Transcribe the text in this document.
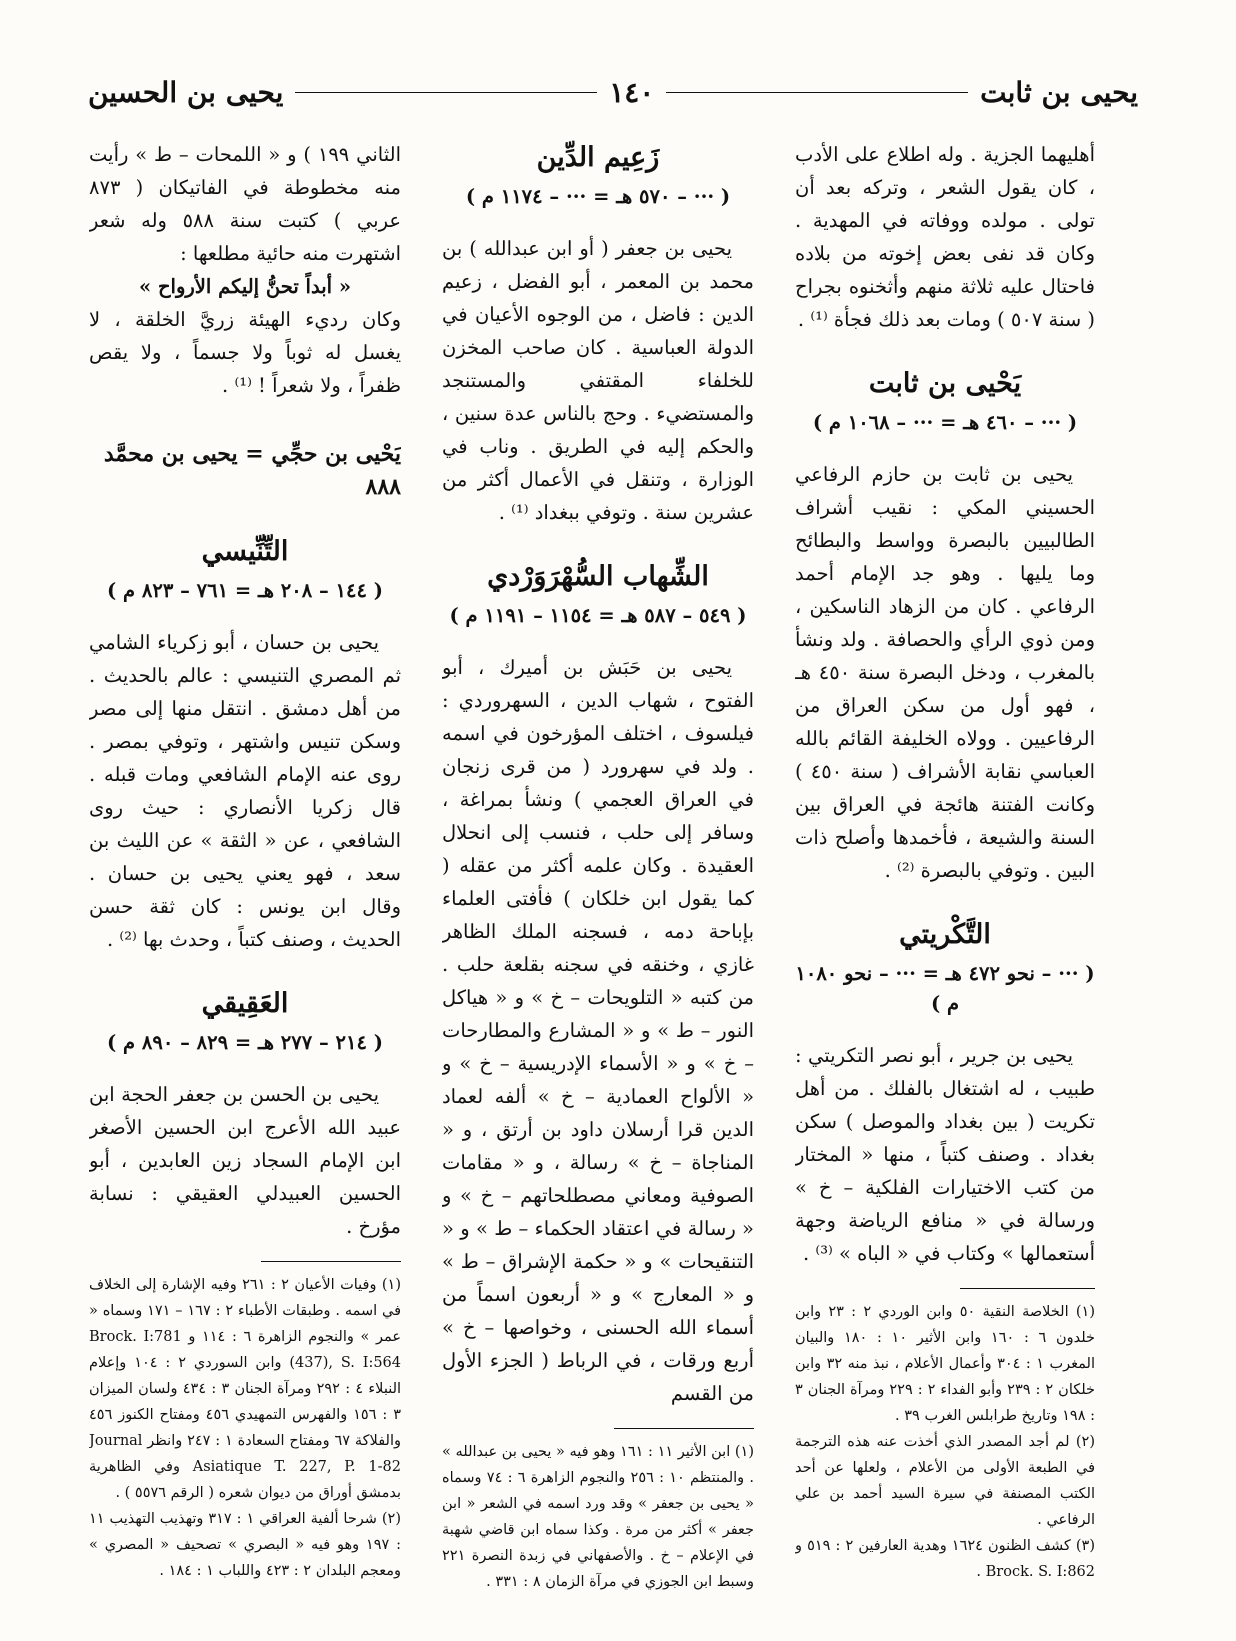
يحيى بن ثابت
١٤٠
يحيى بن الحسين

أهليهما الجزية . وله اطلاع على الأدب ، كان يقول الشعر ، وتركه بعد أن تولى . مولده ووفاته في المهدية . وكان قد نفى بعض إخوته من بلاده فاحتال عليه ثلاثة منهم وأثخنوه بجراح ( سنة ٥٠٧ ) ومات بعد ذلك فجأة ⁽¹⁾ .

يَحْيى بن ثابت
( ··· – ٤٦٠ هـ = ··· – ١٠٦٨ م )

يحيى بن ثابت بن حازم الرفاعي الحسيني المكي : نقيب أشراف الطالبيين بالبصرة وواسط والبطائح وما يليها . وهو جد الإمام أحمد الرفاعي . كان من الزهاد الناسكين ، ومن ذوي الرأي والحصافة . ولد ونشأ بالمغرب ، ودخل البصرة سنة ٤٥٠ هـ ، فهو أول من سكن العراق من الرفاعيين . وولاه الخليفة القائم بالله العباسي نقابة الأشراف ( سنة ٤٥٠ ) وكانت الفتنة هائجة في العراق بين السنة والشيعة ، فأخمدها وأصلح ذات البين . وتوفي بالبصرة ⁽²⁾ .

التَّكْريتي
( ··· – نحو ٤٧٢ هـ = ··· – نحو ١٠٨٠ م )

يحيى بن جرير ، أبو نصر التكريتي : طبيب ، له اشتغال بالفلك . من أهل تكريت ( بين بغداد والموصل ) سكن بغداد . وصنف كتباً ، منها « المختار من كتب الاختيارات الفلكية – خ » ورسالة في « منافع الرياضة وجهة أستعمالها » وكتاب في « الباه » ⁽³⁾ .

(١) الخلاصة النقية ٥٠ وابن الوردي ٢ : ٢٣ وابن خلدون ٦ : ١٦٠ وابن الأثير ١٠ : ١٨٠ والبيان المغرب ١ : ٣٠٤ وأعمال الأعلام ، نبذ منه ٣٢ وابن خلكان ٢ : ٢٣٩ وأبو الفداء ٢ : ٢٢٩ ومرآة الجنان ٣ : ١٩٨ وتاريخ طرابلس الغرب ٣٩ .

(٢) لم أجد المصدر الذي أخذت عنه هذه الترجمة في الطبعة الأولى من الأعلام ، ولعلها عن أحد الكتب المصنفة في سيرة السيد أحمد بن علي الرفاعي .

(٣) كشف الظنون ١٦٢٤ وهدية العارفين ٢ : ٥١٩ و Brock. S. I:862 .

زَعِيم الدِّين
( ··· – ٥٧٠ هـ = ··· – ١١٧٤ م )

يحيى بن جعفر ( أو ابن عبدالله ) بن محمد بن المعمر ، أبو الفضل ، زعيم الدين : فاضل ، من الوجوه الأعيان في الدولة العباسية . كان صاحب المخزن للخلفاء المقتفي والمستنجد والمستضيء . وحج بالناس عدة سنين ، والحكم إليه في الطريق . وناب في الوزارة ، وتنقل في الأعمال أكثر من عشرين سنة . وتوفي ببغداد ⁽¹⁾ .

الشِّهاب السُّهْرَوَرْدي
( ٥٤٩ – ٥٨٧ هـ = ١١٥٤ – ١١٩١ م )

يحيى بن حَبَش بن أميرك ، أبو الفتوح ، شهاب الدين ، السهروردي : فيلسوف ، اختلف المؤرخون في اسمه . ولد في سهرورد ( من قرى زنجان في العراق العجمي ) ونشأ بمراغة ، وسافر إلى حلب ، فنسب إلى انحلال العقيدة . وكان علمه أكثر من عقله ( كما يقول ابن خلكان ) فأفتى العلماء بإباحة دمه ، فسجنه الملك الظاهر غازي ، وخنقه في سجنه بقلعة حلب . من كتبه « التلويحات – خ » و « هياكل النور – ط » و « المشارع والمطارحات – خ » و « الأسماء الإدريسية – خ » و « الألواح العمادية – خ » ألفه لعماد الدين قرا أرسلان داود بن أرتق ، و « المناجاة – خ » رسالة ، و « مقامات الصوفية ومعاني مصطلحاتهم – خ » و « رسالة في اعتقاد الحكماء – ط » و « التنقيحات » و « حكمة الإشراق – ط » و « المعارج » و « أربعون اسماً من أسماء الله الحسنى ، وخواصها – خ » أربع ورقات ، في الرباط ( الجزء الأول من القسم

(١) ابن الأثير ١١ : ١٦١ وهو فيه « يحيى بن عبدالله » . والمنتظم ١٠ : ٢٥٦ والنجوم الزاهرة ٦ : ٧٤ وسماه « يحيى بن جعفر » وقد ورد اسمه في الشعر « ابن جعفر » أكثر من مرة . وكذا سماه ابن قاضي شهبة في الإعلام – خ . والأصفهاني في زبدة النصرة ٢٢١ وسبط ابن الجوزي في مرآة الزمان ٨ : ٣٣١ .

الثاني ١٩٩ ) و « اللمحات – ط » رأيت منه مخطوطة في الفاتيكان ( ٨٧٣ عربي ) كتبت سنة ٥٨٨ وله شعر اشتهرت منه حائية مطلعها :

« أبداً تحنُّ إليكم الأرواح »

وكان رديء الهيئة زريَّ الخلقة ، لا يغسل له ثوباً ولا جسماً ، ولا يقص ظفراً ، ولا شعراً ! ⁽¹⁾ .

يَحْيى بن حجِّي = يحيى بن محمَّد ٨٨٨
التِّنِّيسي
( ١٤٤ – ٢٠٨ هـ = ٧٦١ – ٨٢٣ م )

يحيى بن حسان ، أبو زكرياء الشامي ثم المصري التنيسي : عالم بالحديث . من أهل دمشق . انتقل منها إلى مصر وسكن تنيس واشتهر ، وتوفي بمصر . روى عنه الإمام الشافعي ومات قبله . قال زكريا الأنصاري : حيث روى الشافعي ، عن « الثقة » عن الليث بن سعد ، فهو يعني يحيى بن حسان . وقال ابن يونس : كان ثقة حسن الحديث ، وصنف كتباً ، وحدث بها ⁽²⁾ .

العَقِيقي
( ٢١٤ – ٢٧٧ هـ = ٨٢٩ – ٨٩٠ م )

يحيى بن الحسن بن جعفر الحجة ابن عبيد الله الأعرج ابن الحسين الأصغر ابن الإمام السجاد زين العابدين ، أبو الحسين العبيدلي العقيقي : نسابة مؤرخ .

(١) وفيات الأعيان ٢ : ٢٦١ وفيه الإشارة إلى الخلاف في اسمه . وطبقات الأطباء ٢ : ١٦٧ – ١٧١ وسماه « عمر » والنجوم الزاهرة ٦ : ١١٤ و Brock. I:781 (437), S. I:564 وابن السوردي ٢ : ١٠٤ وإعلام النبلاء ٤ : ٢٩٢ ومرآة الجنان ٣ : ٤٣٤ ولسان الميزان ٣ : ١٥٦ والفهرس التمهيدي ٤٥٦ ومفتاح الكنوز ٤٥٦ والفلاكة ٦٧ ومفتاح السعادة ١ : ٢٤٧ وانظر Journal Asiatique T. 227, P. 1-82 وفي الظاهرية بدمشق أوراق من ديوان شعره ( الرقم ٥٥٧٦ ) .

(٢) شرحا ألفية العراقي ١ : ٣١٧ وتهذيب التهذيب ١١ : ١٩٧ وهو فيه « البصري » تصحيف « المصري » ومعجم البلدان ٢ : ٤٢٣ واللباب ١ : ١٨٤ .
